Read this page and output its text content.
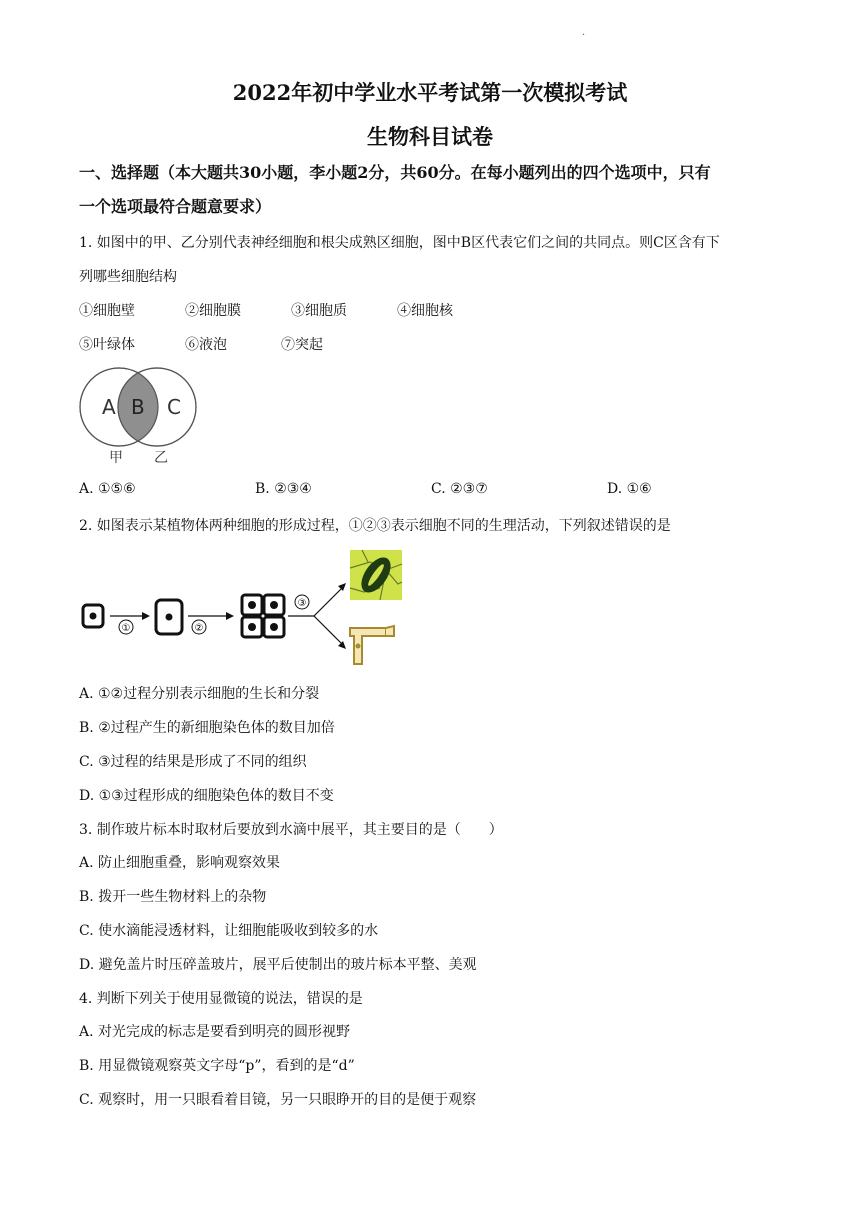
·
2022年初中学业水平考试第一次模拟考试
生物科目试卷
一、选择题（本大题共30小题，李小题2分，共60分。在每小题列出的四个选项中，只有
一个选项最符合题意要求）
1. 如图中的甲、乙分别代表神经细胞和根尖成熟区细胞，图中B区代表它们之间的共同点。则C区含有下
列哪些细胞结构
①细胞壁	②细胞膜	③细胞质	④细胞核
⑤叶绿体	⑥液泡	⑦突起
A B C
甲 乙
A. ①⑤⑥	B. ②③④	C. ②③⑦	D. ①⑥
2. 如图表示某植物体两种细胞的形成过程，①②③表示细胞不同的生理活动，下列叙述错误的是
①	②
③
A. ①②过程分别表示细胞的生长和分裂
B. ②过程产生的新细胞染色体的数目加倍
C. ③过程的结果是形成了不同的组织
D. ①③过程形成的细胞染色体的数目不变
3. 制作玻片标本时取材后要放到水滴中展平，其主要目的是（　　）
A. 防止细胞重叠，影响观察效果
B. 拨开一些生物材料上的杂物
C. 使水滴能浸透材料，让细胞能吸收到较多的水
D. 避免盖片时压碎盖玻片，展平后使制出的玻片标本平整、美观
4. 判断下列关于使用显微镜的说法，错误的是
A. 对光完成的标志是要看到明亮的圆形视野
B. 用显微镜观察英文字母“p”，看到的是“d”
C. 观察时，用一只眼看着目镜，另一只眼睁开的目的是便于观察
